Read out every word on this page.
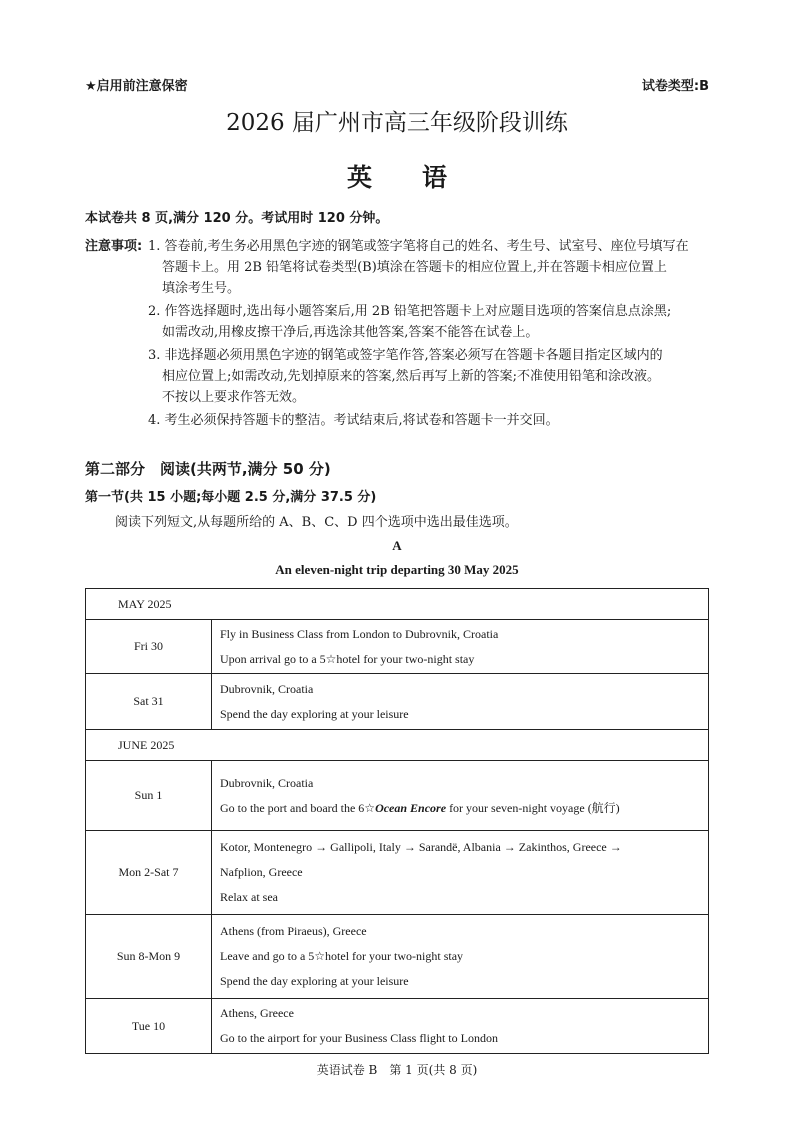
★启用前注意保密	试卷类型:B
2026 届广州市高三年级阶段训练
英　　语
本试卷共 8 页,满分 120 分。考试用时 120 分钟。
注意事项: 1. 答卷前,考生务必用黑色字迹的钢笔或签字笔将自己的姓名、考生号、试室号、座位号填写在
答题卡上。用 2B 铅笔将试卷类型(B)填涂在答题卡的相应位置上,并在答题卡相应位置上
填涂考生号。
2. 作答选择题时,选出每小题答案后,用 2B 铅笔把答题卡上对应题目选项的答案信息点涂黑;
如需改动,用橡皮擦干净后,再选涂其他答案,答案不能答在试卷上。
3. 非选择题必须用黑色字迹的钢笔或签字笔作答,答案必须写在答题卡各题目指定区域内的
相应位置上;如需改动,先划掉原来的答案,然后再写上新的答案;不准使用铅笔和涂改液。
不按以上要求作答无效。
4. 考生必须保持答题卡的整洁。考试结束后,将试卷和答题卡一并交回。
第二部分　阅读(共两节,满分 50 分)
第一节(共 15 小题;每小题 2.5 分,满分 37.5 分)
阅读下列短文,从每题所给的 A、B、C、D 四个选项中选出最佳选项。
A
An eleven-night trip departing 30 May 2025
MAY 2025	
Fri 30	Fly in Business Class from London to Dubrovnik, Croatia
Upon arrival go to a 5☆hotel for your two-night stay

Sat 31	Dubrovnik, Croatia
Spend the day exploring at your leisure

JUNE 2025	
Sun 1	Dubrovnik, Croatia
Go to the port and board the 6☆Ocean Encore for your seven-night voyage (航行)

Mon 2-Sat 7	Kotor, Montenegro → Gallipoli, Italy → Sarandë, Albania → Zakinthos, Greece →
Nafplion, Greece
Relax at sea

Sun 8-Mon 9	Athens (from Piraeus), Greece
Leave and go to a 5☆hotel for your two-night stay
Spend the day exploring at your leisure

Tue 10	Athens, Greece
Go to the airport for your Business Class flight to London
英语试卷 B　第 1 页(共 8 页)
